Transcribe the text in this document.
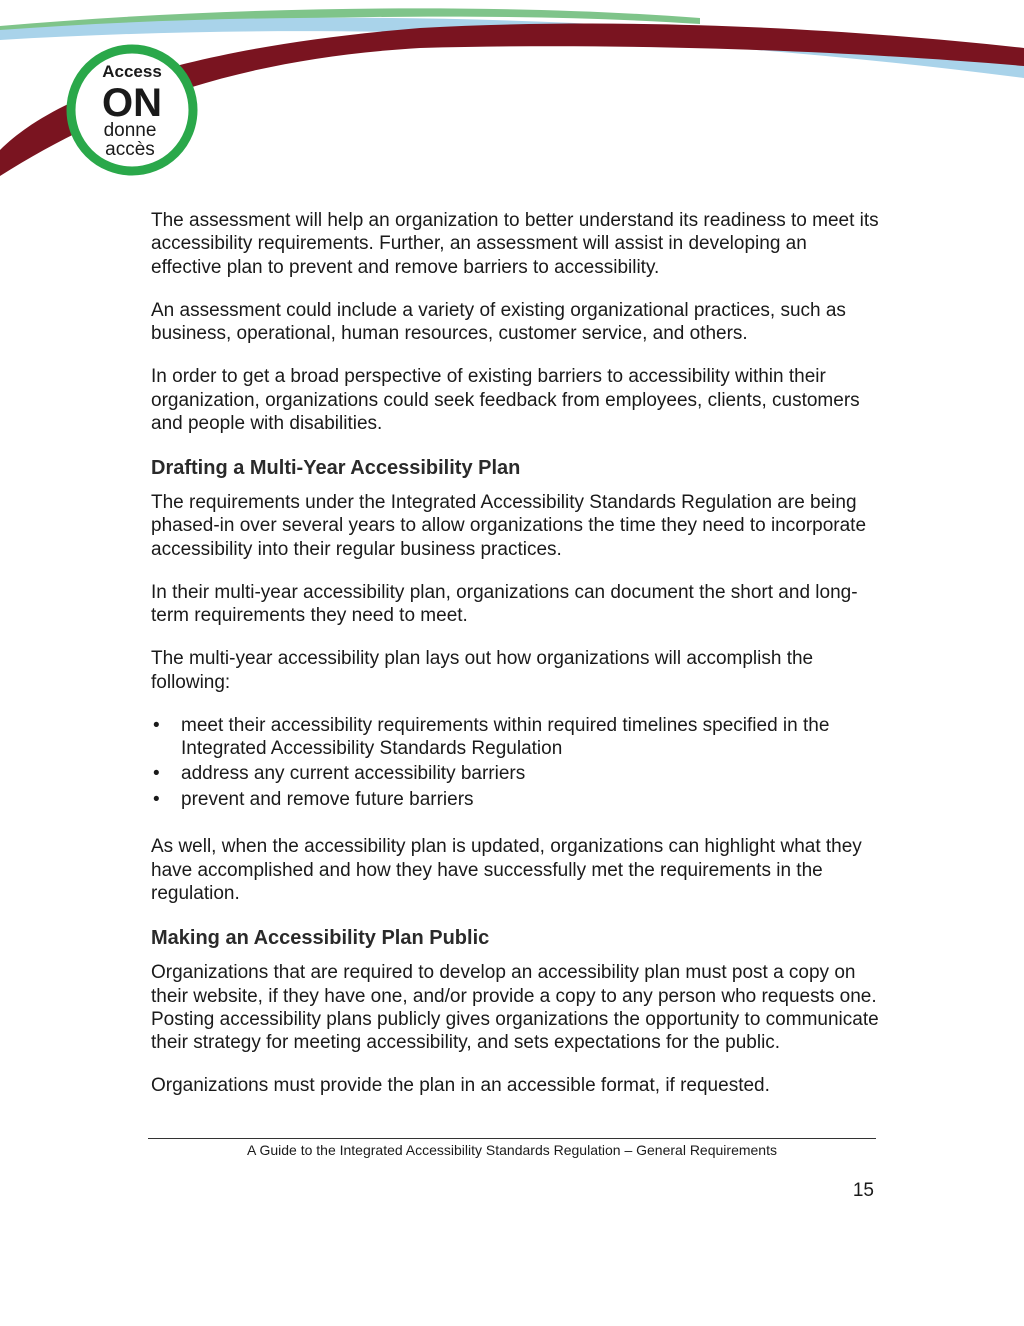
Access
ON
donne
accès

The assessment will help an organization to better understand its readiness to meet its accessibility requirements. Further, an assessment will assist in developing an effective plan to prevent and remove barriers to accessibility.

An assessment could include a variety of existing organizational practices, such as business, operational, human resources, customer service, and others.

In order to get a broad perspective of existing barriers to accessibility within their organization, organizations could seek feedback from employees, clients, customers and people with disabilities.

Drafting a Multi-Year Accessibility Plan

The requirements under the Integrated Accessibility Standards Regulation are being phased-in over several years to allow organizations the time they need to incorporate accessibility into their regular business practices.

In their multi-year accessibility plan, organizations can document the short and long-term requirements they need to meet.

The multi-year accessibility plan lays out how organizations will accomplish the following:

• meet their accessibility requirements within required timelines specified in the Integrated Accessibility Standards Regulation
• address any current accessibility barriers
• prevent and remove future barriers

As well, when the accessibility plan is updated, organizations can highlight what they have accomplished and how they have successfully met the requirements in the regulation.

Making an Accessibility Plan Public

Organizations that are required to develop an accessibility plan must post a copy on their website, if they have one, and/or provide a copy to any person who requests one. Posting accessibility plans publicly gives organizations the opportunity to communicate their strategy for meeting accessibility, and sets expectations for the public.

Organizations must provide the plan in an accessible format, if requested.

A Guide to the Integrated Accessibility Standards Regulation – General Requirements
15
